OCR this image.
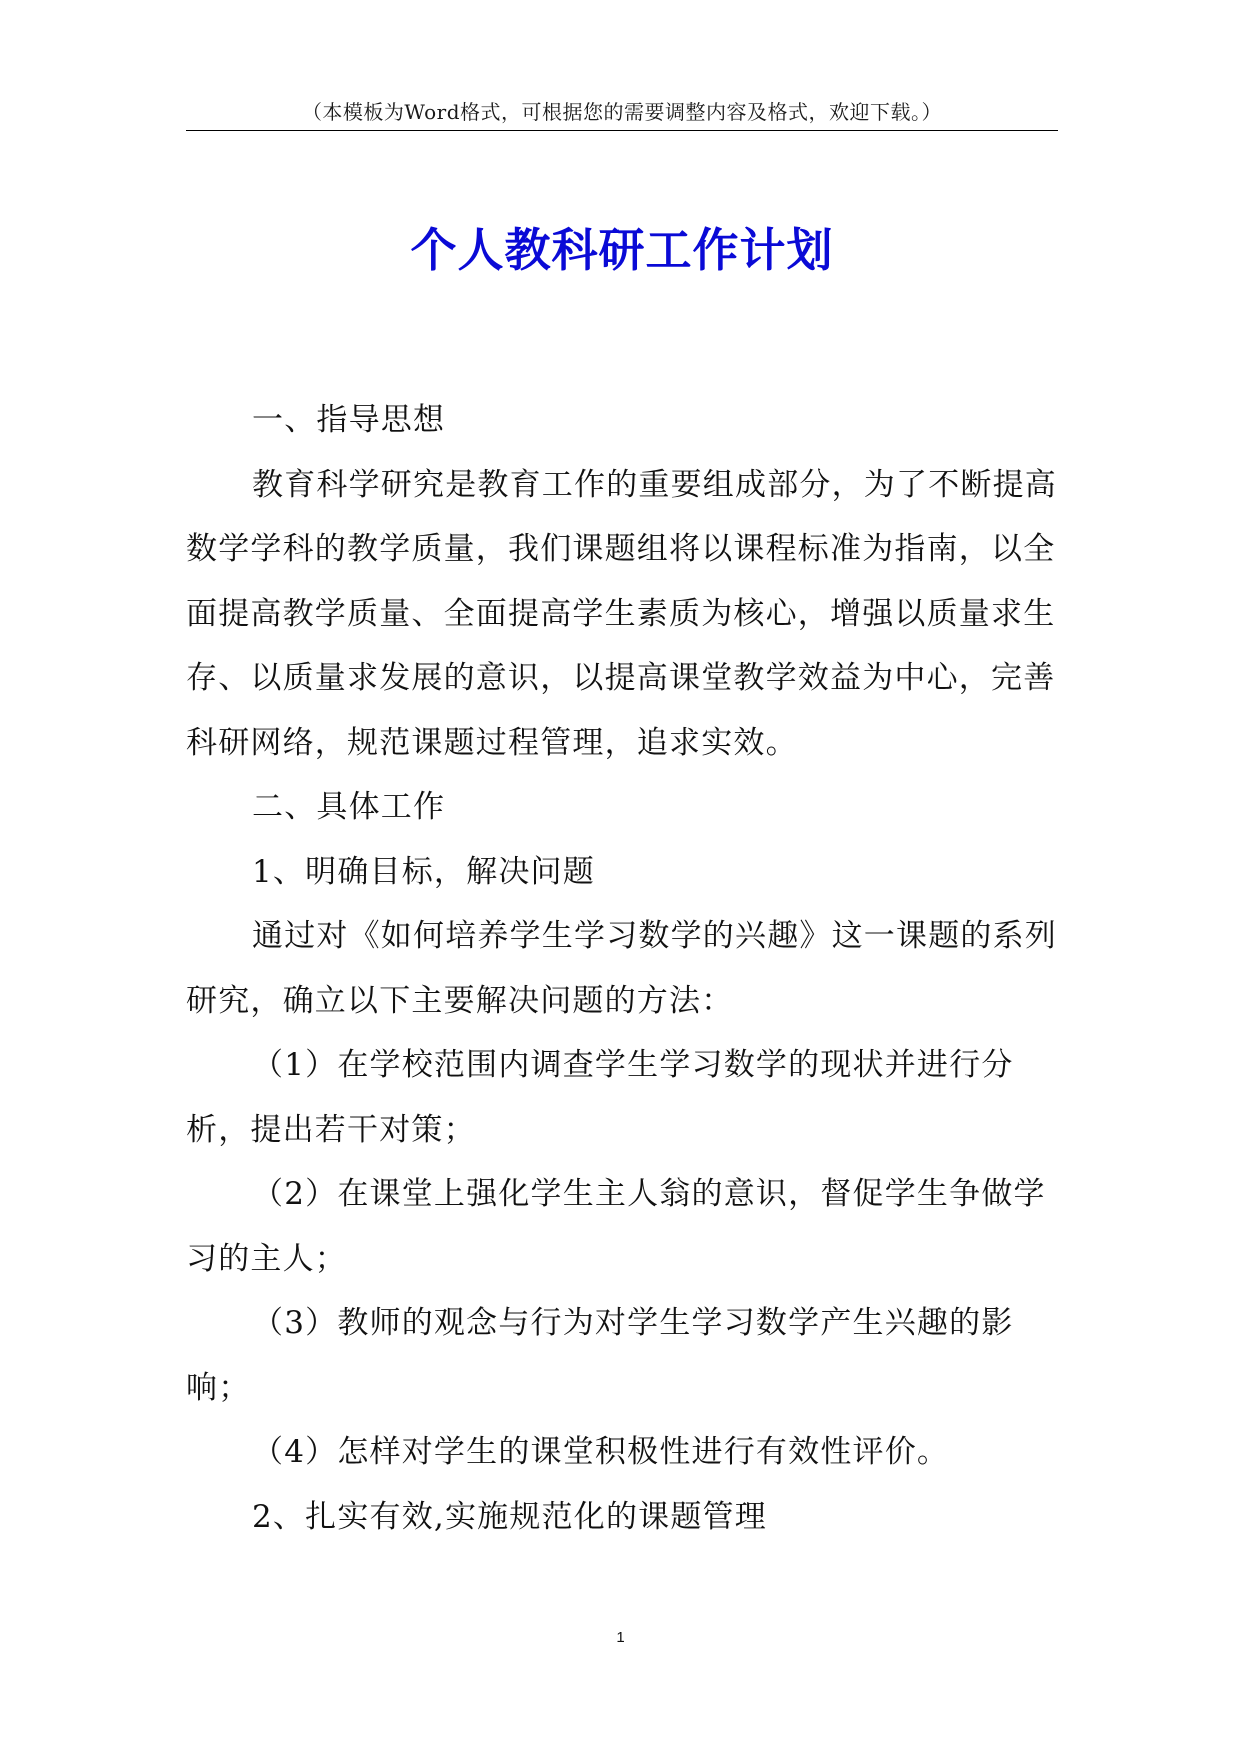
（本模板为Word格式，可根据您的需要调整内容及格式，欢迎下载。）
个人教科研工作计划

一、指导思想

教育科学研究是教育工作的重要组成部分，为了不断提高数学学科的教学质量，我们课题组将以课程标准为指南，以全面提高教学质量、全面提高学生素质为核心，增强以质量求生存、以质量求发展的意识，以提高课堂教学效益为中心，完善科研网络，规范课题过程管理，追求实效。

二、具体工作

1、明确目标，解决问题

通过对《如何培养学生学习数学的兴趣》这一课题的系列研究，确立以下主要解决问题的方法：

（1）在学校范围内调查学生学习数学的现状并进行分析，提出若干对策；

（2）在课堂上强化学生主人翁的意识，督促学生争做学习的主人；

（3）教师的观念与行为对学生学习数学产生兴趣的影响；

（4）怎样对学生的课堂积极性进行有效性评价。

2、扎实有效,实施规范化的课题管理

1
